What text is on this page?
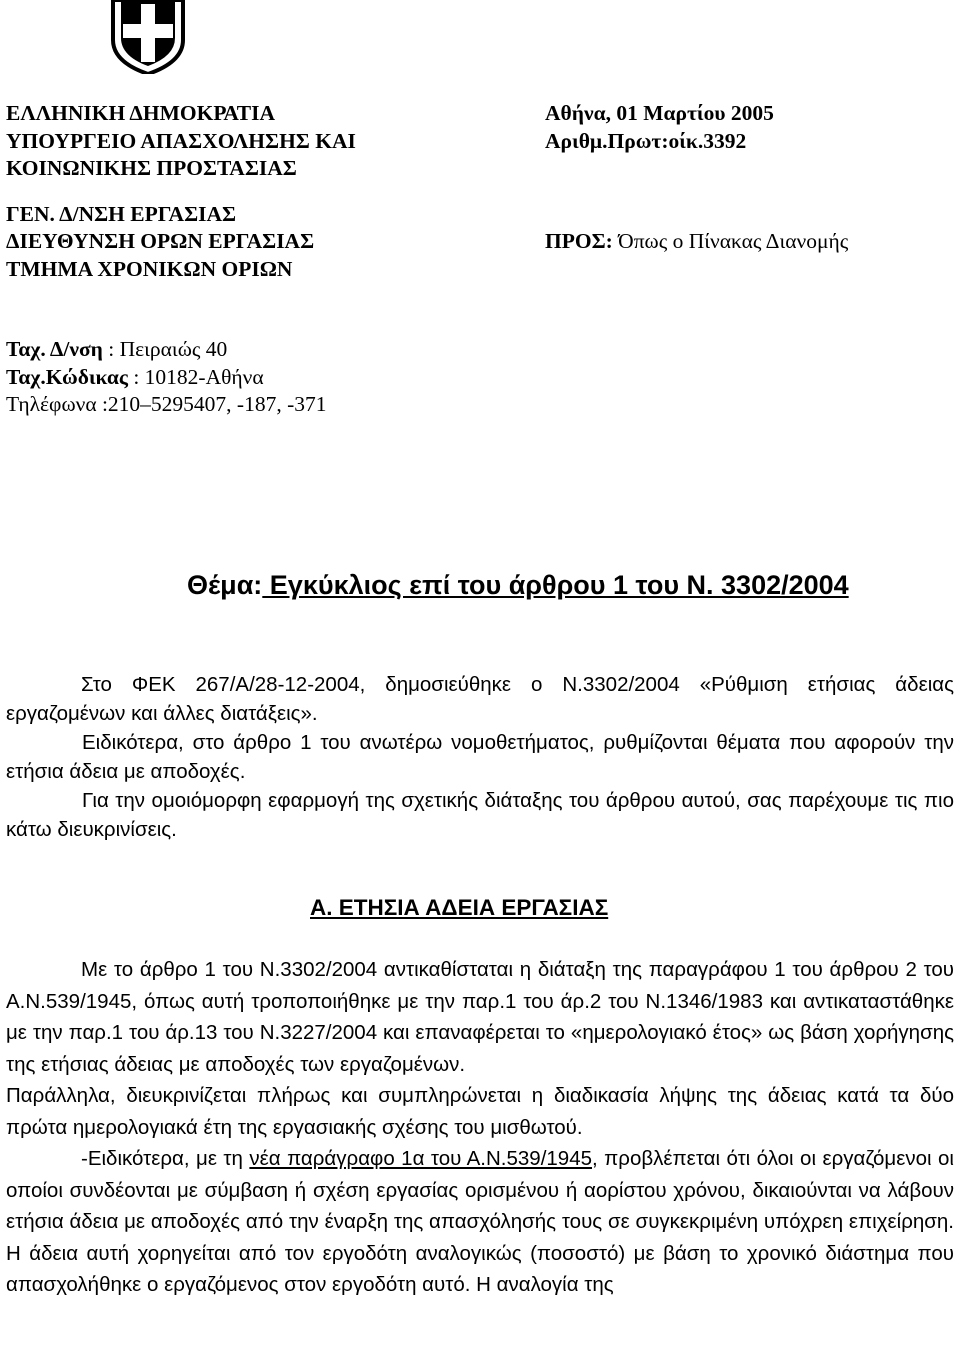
ΕΛΛΗΝΙΚΗ ΔΗΜΟΚΡΑΤΙΑ
ΥΠΟΥΡΓΕΙΟ ΑΠΑΣΧΟΛΗΣΗΣ ΚΑΙ
ΚΟΙΝΩΝΙΚΗΣ ΠΡΟΣΤΑΣΙΑΣ
ΓΕΝ. Δ/ΝΣΗ ΕΡΓΑΣΙΑΣ
ΔΙΕΥΘΥΝΣΗ ΟΡΩΝ ΕΡΓΑΣΙΑΣ
ΤΜΗΜΑ ΧΡΟΝΙΚΩΝ ΟΡΙΩΝ
Αθήνα, 01 Μαρτίου 2005
Αριθμ.Πρωτ:οίκ.3392
ΠΡΟΣ: Όπως ο Πίνακας Διανομής
Ταχ. Δ/νση : Πειραιώς 40
Ταχ.Κώδικας : 10182-Αθήνα
Τηλέφωνα :210–5295407, -187, -371
Θέμα: Εγκύκλιος επί του άρθρου 1 του Ν. 3302/2004

Στο ΦΕΚ 267/Α/28-12-2004, δημοσιεύθηκε ο Ν.3302/2004 «Ρύθμιση ετήσιας άδειας εργαζομένων και άλλες διατάξεις».

Ειδικότερα, στο άρθρο 1 του ανωτέρω νομοθετήματος, ρυθμίζονται θέματα που αφορούν την ετήσια άδεια με αποδοχές.

Για την ομοιόμορφη εφαρμογή της σχετικής διάταξης του άρθρου αυτού, σας παρέχουμε τις πιο κάτω διευκρινίσεις.

Α. ΕΤΗΣΙΑ ΑΔΕΙΑ ΕΡΓΑΣΙΑΣ

Με το άρθρο 1 του Ν.3302/2004 αντικαθίσταται η διάταξη της παραγράφου 1 του άρθρου 2 του Α.Ν.539/1945, όπως αυτή τροποποιήθηκε με την παρ.1 του άρ.2 του Ν.1346/1983 και αντικαταστάθηκε με την παρ.1 του άρ.13 του Ν.3227/2004 και επαναφέρεται το «ημερολογιακό έτος» ως βάση χορήγησης της ετήσιας άδειας με αποδοχές των εργαζομένων.

Παράλληλα, διευκρινίζεται πλήρως και συμπληρώνεται η διαδικασία λήψης της άδειας κατά τα δύο πρώτα ημερολογιακά έτη της εργασιακής σχέσης του μισθωτού.

-Ειδικότερα, με τη νέα παράγραφο 1α του Α.Ν.539/1945, προβλέπεται ότι όλοι οι εργαζόμενοι οι οποίοι συνδέονται με σύμβαση ή σχέση εργασίας ορισμένου ή αορίστου χρόνου, δικαιούνται να λάβουν ετήσια άδεια με αποδοχές από την έναρξη της απασχόλησής τους σε συγκεκριμένη υπόχρεη επιχείρηση. Η άδεια αυτή χορηγείται από τον εργοδότη αναλογικώς (ποσοστό) με βάση το χρονικό διάστημα που απασχολήθηκε ο εργαζόμενος στον εργοδότη αυτό. Η αναλογία της
